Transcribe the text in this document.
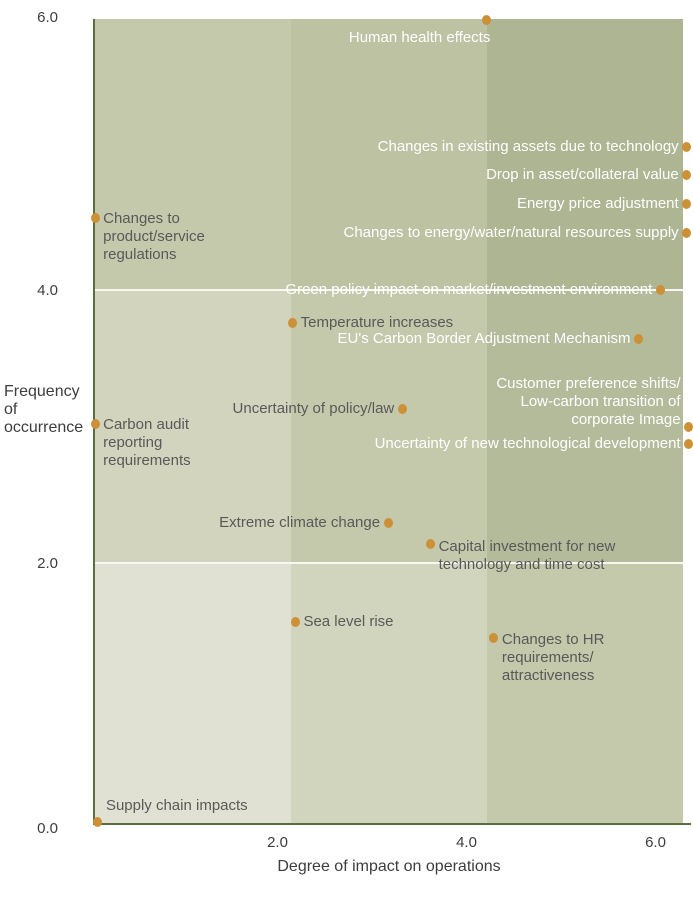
Frequency
of
occurrence
Degree of impact on operations
0.0
2.0
4.0
6.0
2.0	4.0	6.0
Human health effects
Changes in existing assets due to technology
Drop in asset/collateral value
Energy price adjustment
Changes to energy/water/natural resources supply
Changes to
product/service
regulations
Green policy impact on market/investment environment
Temperature increases
EU's Carbon Border Adjustment Mechanism
Customer preference shifts/
Low-carbon transition of
corporate Image
Uncertainty of policy/law
Carbon audit
reporting
requirements
Uncertainty of new technological development
Extreme climate change
Capital investment for new
technology and time cost
Sea level rise
Changes to HR
requirements/
attractiveness
Supply chain impacts
